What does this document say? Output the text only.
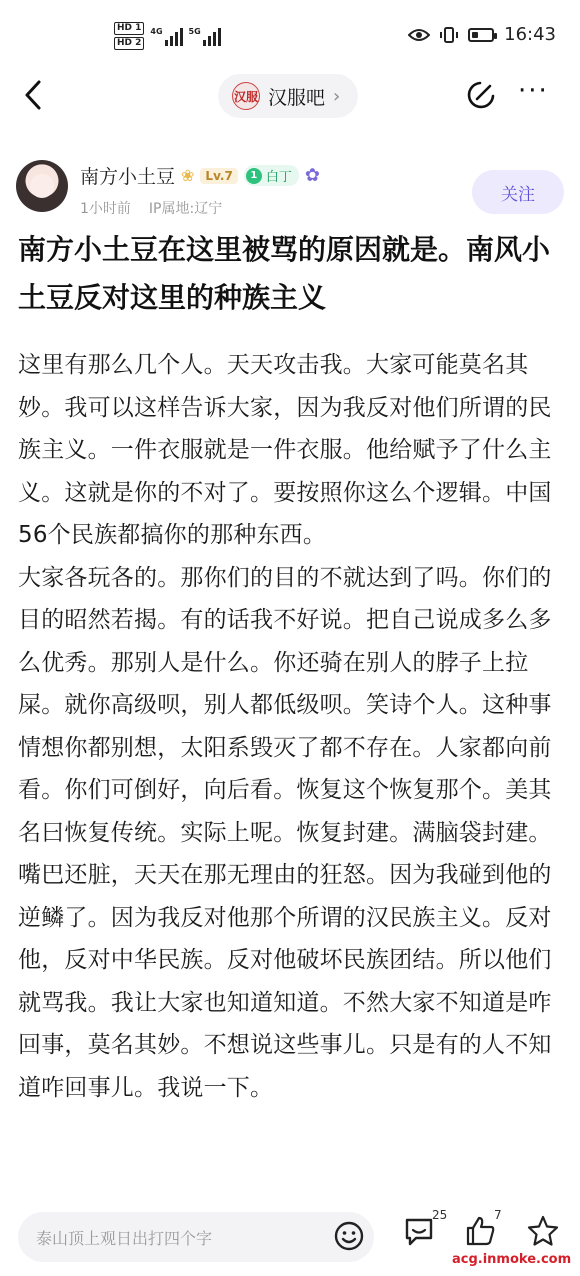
HD 1
HD 2
4G	5G	16:43
汉服 汉服吧 ›	···
南方小土豆 ❀ Lv.7	1 白丁 ✿
1小时前 IP属地:辽宁
关注
南方小土豆在这里被骂的原因就是。南风小土豆反对这里的种族主义

这里有那么几个人。天天攻击我。大家可能莫名其妙。我可以这样告诉大家，因为我反对他们所谓的民族主义。一件衣服就是一件衣服。他给赋予了什么主义。这就是你的不对了。要按照你这么个逻辑。中国56个民族都搞你的那种东西。

大家各玩各的。那你们的目的不就达到了吗。你们的目的昭然若揭。有的话我不好说。把自己说成多么多么优秀。那别人是什么。你还骑在别人的脖子上拉屎。就你高级呗，别人都低级呗。笑诗个人。这种事情想你都别想，太阳系毁灭了都不存在。人家都向前看。你们可倒好，向后看。恢复这个恢复那个。美其名曰恢复传统。实际上呢。恢复封建。满脑袋封建。嘴巴还脏，天天在那无理由的狂怒。因为我碰到他的逆鳞了。因为我反对他那个所谓的汉民族主义。反对他，反对中华民族。反对他破坏民族团结。所以他们就骂我。我让大家也知道知道。不然大家不知道是咋回事，莫名其妙。不想说这些事儿。只是有的人不知道咋回事儿。我说一下。

泰山顶上观日出打四个字
25	7
acg.inmoke.com
